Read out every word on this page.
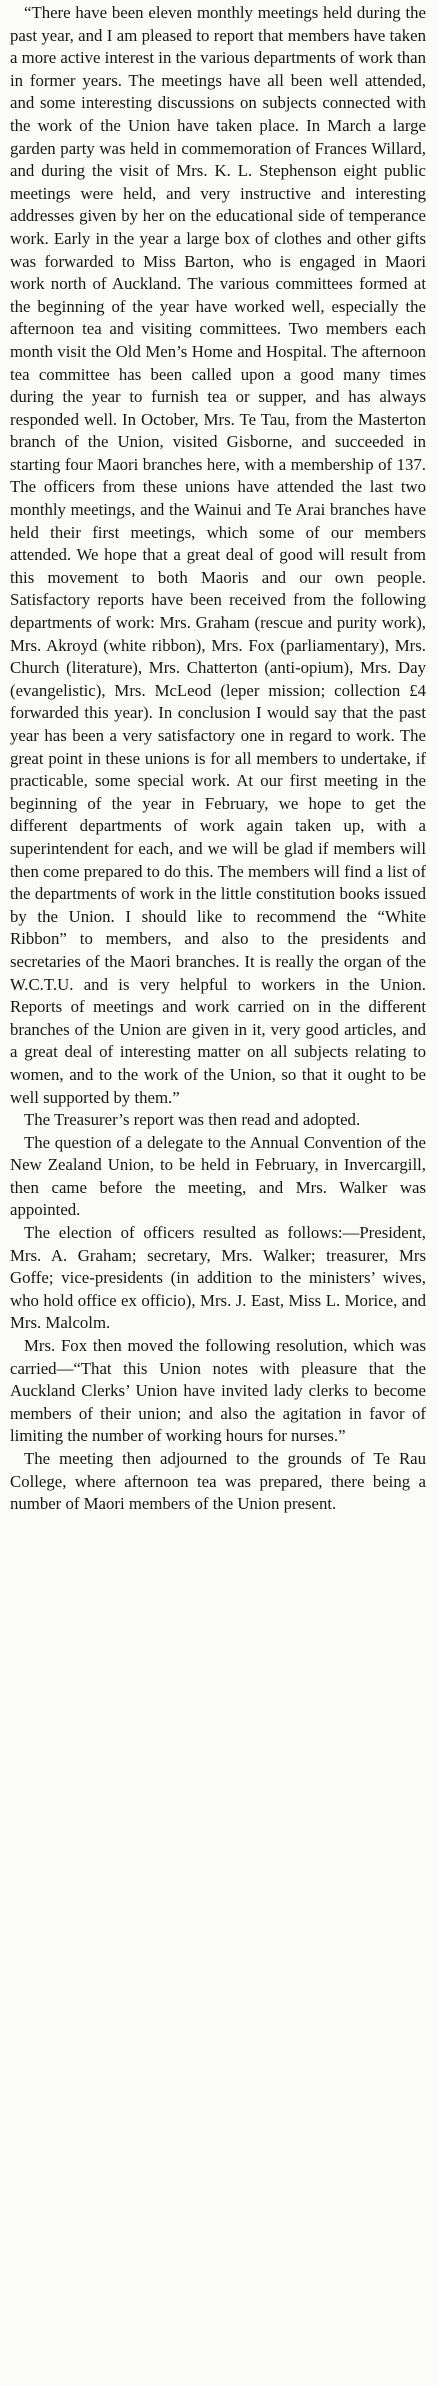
“There have been eleven monthly meetings held during the past year, and I am pleased to report that members have taken a more active interest in the various departments of work than in former years. The meetings have all been well attended, and some interesting discussions on subjects connected with the work of the Union have taken place. In March a large garden party was held in commemoration of Frances Willard, and during the visit of Mrs. K. L. Stephenson eight public meetings were held, and very instructive and interesting addresses given by her on the educational side of temperance work. Early in the year a large box of clothes and other gifts was forwarded to Miss Barton, who is engaged in Maori work north of Auckland. The various committees formed at the beginning of the year have worked well, especially the afternoon tea and visiting committees. Two members each month visit the Old Men’s Home and Hospital. The afternoon tea committee has been called upon a good many times during the year to furnish tea or supper, and has always responded well. In October, Mrs. Te Tau, from the Masterton branch of the Union, visited Gisborne, and succeeded in starting four Maori branches here, with a membership of 137. The officers from these unions have attended the last two monthly meetings, and the Wainui and Te Arai branches have held their first meetings, which some of our members attended. We hope that a great deal of good will result from this movement to both Maoris and our own people. Satisfactory reports have been received from the following departments of work: Mrs. Graham (rescue and purity work), Mrs. Akroyd (white ribbon), Mrs. Fox (parliamentary), Mrs. Church (literature), Mrs. Chatterton (anti-opium), Mrs. Day (evangelistic), Mrs. McLeod (leper mission; collection £4 forwarded this year). In conclusion I would say that the past year has been a very satisfactory one in regard to work. The great point in these unions is for all members to undertake, if practicable, some special work. At our first meeting in the beginning of the year in February, we hope to get the different departments of work again taken up, with a superintendent for each, and we will be glad if members will then come prepared to do this. The members will find a list of the departments of work in the little constitution books issued by the Union. I should like to recommend the “White Ribbon” to members, and also to the presidents and secretaries of the Maori branches. It is really the organ of the W.C.T.U. and is very helpful to workers in the Union. Reports of meetings and work carried on in the different branches of the Union are given in it, very good articles, and a great deal of interesting matter on all subjects relating to women, and to the work of the Union, so that it ought to be well supported by them.”

The Treasurer’s report was then read and adopted.

The question of a delegate to the Annual Convention of the New Zealand Union, to be held in February, in Invercargill, then came before the meeting, and Mrs. Walker was appointed.

The election of officers resulted as follows:—President, Mrs. A. Graham; secretary, Mrs. Walker; treasurer, Mrs Goffe; vice-presidents (in addition to the ministers’ wives, who hold office ex officio), Mrs. J. East, Miss L. Morice, and Mrs. Malcolm.

Mrs. Fox then moved the following resolution, which was carried—“That this Union notes with pleasure that the Auckland Clerks’ Union have invited lady clerks to become members of their union; and also the agitation in favor of limiting the number of working hours for nurses.”

The meeting then adjourned to the grounds of Te Rau College, where afternoon tea was prepared, there being a number of Maori members of the Union present.
